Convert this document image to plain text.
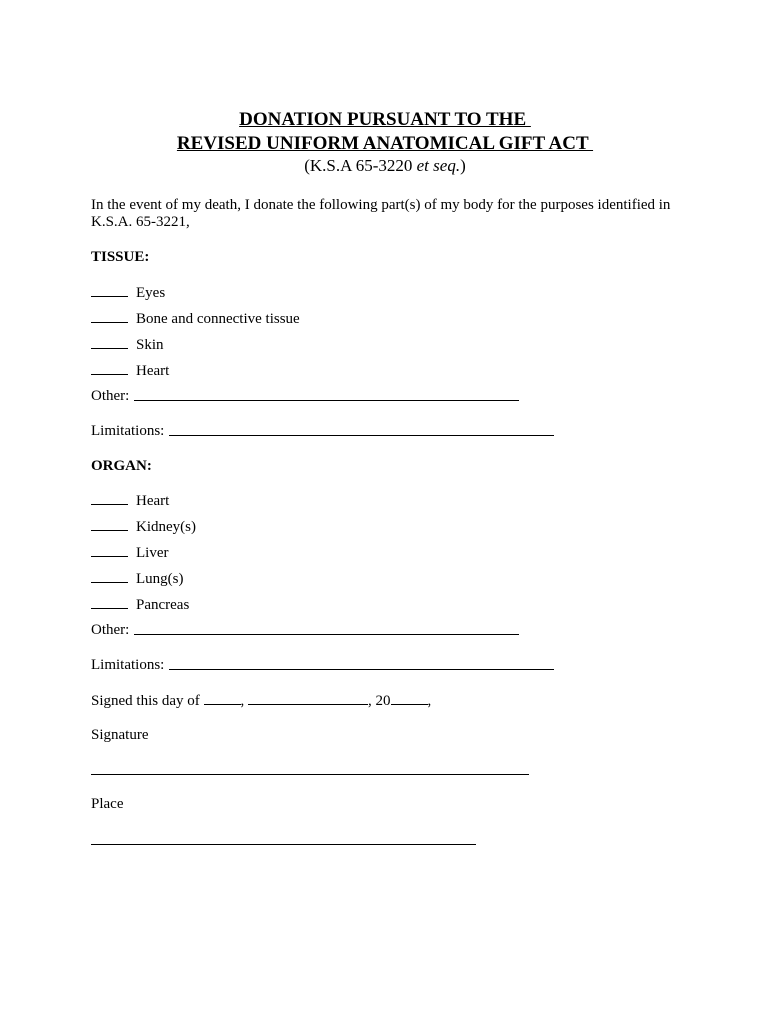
DONATION PURSUANT TO THE
REVISED UNIFORM ANATOMICAL GIFT ACT
(K.S.A 65-3220 et seq.)
In the event of my death, I donate the following part(s) of my body for the purposes identified in
K.S.A. 65-3221,
TISSUE:
Eyes
Bone and connective tissue
Skin
Heart
Other:
Limitations:
ORGAN:
Heart
Kidney(s)
Liver
Lung(s)
Pancreas
Other:
Limitations:
Signed this day of ,	, 20 ,
Signature
Place
